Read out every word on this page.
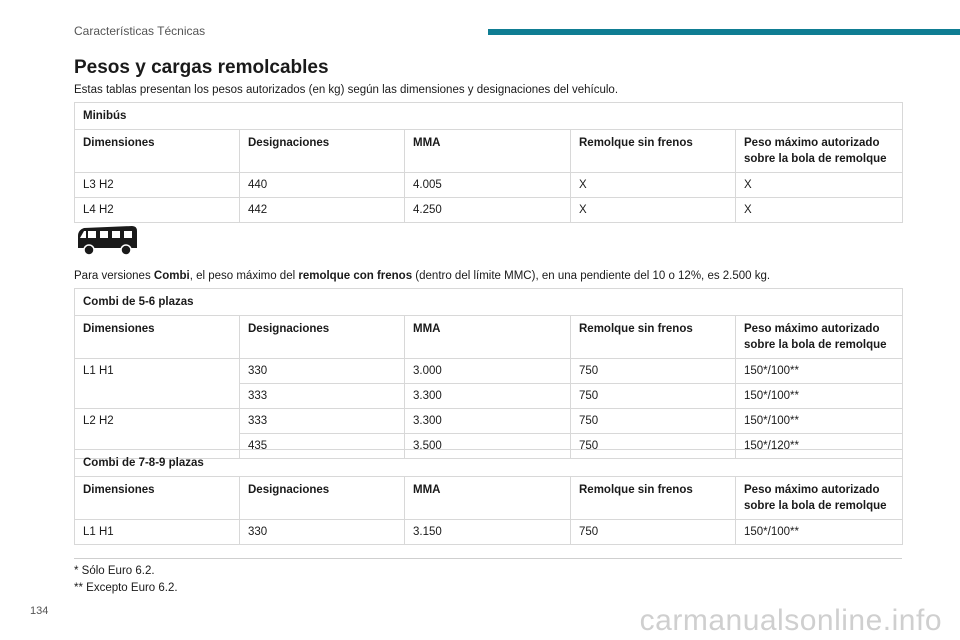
Características Técnicas
Pesos y cargas remolcables

Estas tablas presentan los pesos autorizados (en kg) según las dimensiones y designaciones del vehículo.

Minibús				
Dimensiones	Designaciones	MMA	Remolque sin frenos	Peso máximo autorizado sobre la bola de remolque
L3 H2	440	4.005	X	X
L4 H2	442	4.250	X	X

Para versiones Combi, el peso máximo del remolque con frenos (dentro del límite MMC), en una pendiente del 10 o 12%, es 2.500 kg.

Combi de 5-6 plazas				
Dimensiones	Designaciones	MMA	Remolque sin frenos	Peso máximo autorizado sobre la bola de remolque
L1 H1	330	3.000	750	150*/100**
	333	3.300	750	150*/100**
L2 H2	333	3.300	750	150*/100**
	435	3.500	750	150*/120**
Combi de 7-8-9 plazas				
Dimensiones	Designaciones	MMA	Remolque sin frenos	Peso máximo autorizado sobre la bola de remolque
L1 H1	330	3.150	750	150*/100**
* Sólo Euro 6.2.
** Excepto Euro 6.2.
134	carmanualsonline.info
